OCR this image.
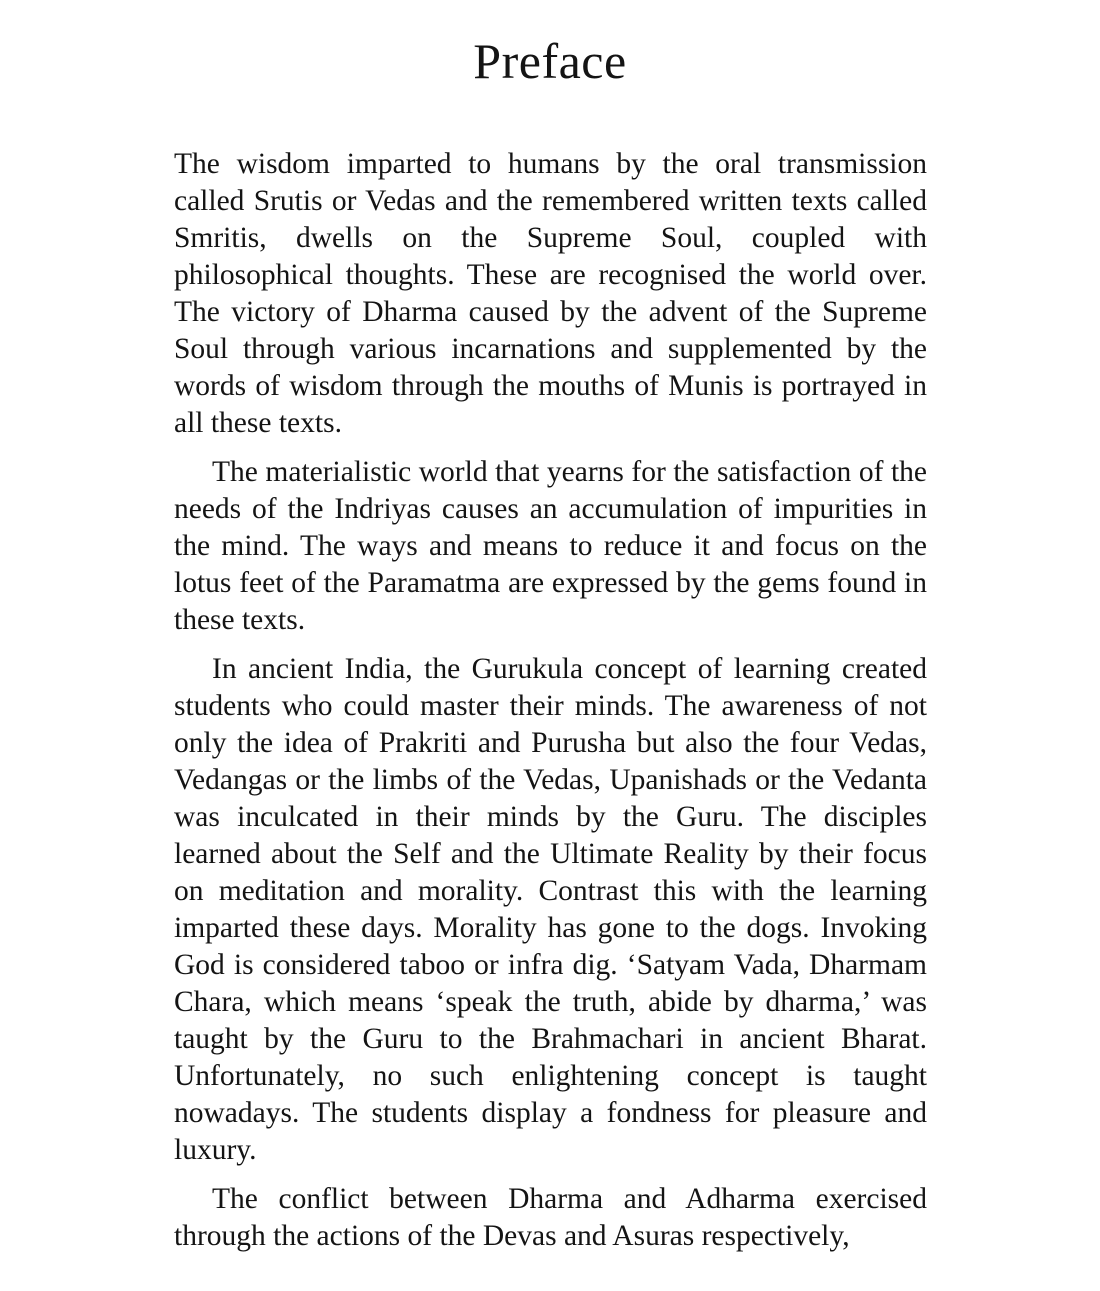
Preface

The wisdom imparted to humans by the oral transmission called Srutis or Vedas and the remembered written texts called Smritis, dwells on the Supreme Soul, coupled with philosophical thoughts. These are recognised the world over. The victory of Dharma caused by the advent of the Supreme Soul through various incarnations and supplemented by the words of wisdom through the mouths of Munis is portrayed in all these texts.

The materialistic world that yearns for the satisfaction of the needs of the Indriyas causes an accumulation of impurities in the mind. The ways and means to reduce it and focus on the lotus feet of the Paramatma are expressed by the gems found in these texts.

In ancient India, the Gurukula concept of learning created students who could master their minds. The awareness of not only the idea of Prakriti and Purusha but also the four Vedas, Vedangas or the limbs of the Vedas, Upanishads or the Vedanta was inculcated in their minds by the Guru. The disciples learned about the Self and the Ultimate Reality by their focus on meditation and morality. Contrast this with the learning imparted these days. Morality has gone to the dogs. Invoking God is considered taboo or infra dig. ‘Satyam Vada, Dharmam Chara, which means ‘speak the truth, abide by dharma,’ was taught by the Guru to the Brahmachari in ancient Bharat. Unfortunately, no such enlightening concept is taught nowadays. The students display a fondness for pleasure and luxury.

The conflict between Dharma and Adharma exercised through the actions of the Devas and Asuras respectively,
